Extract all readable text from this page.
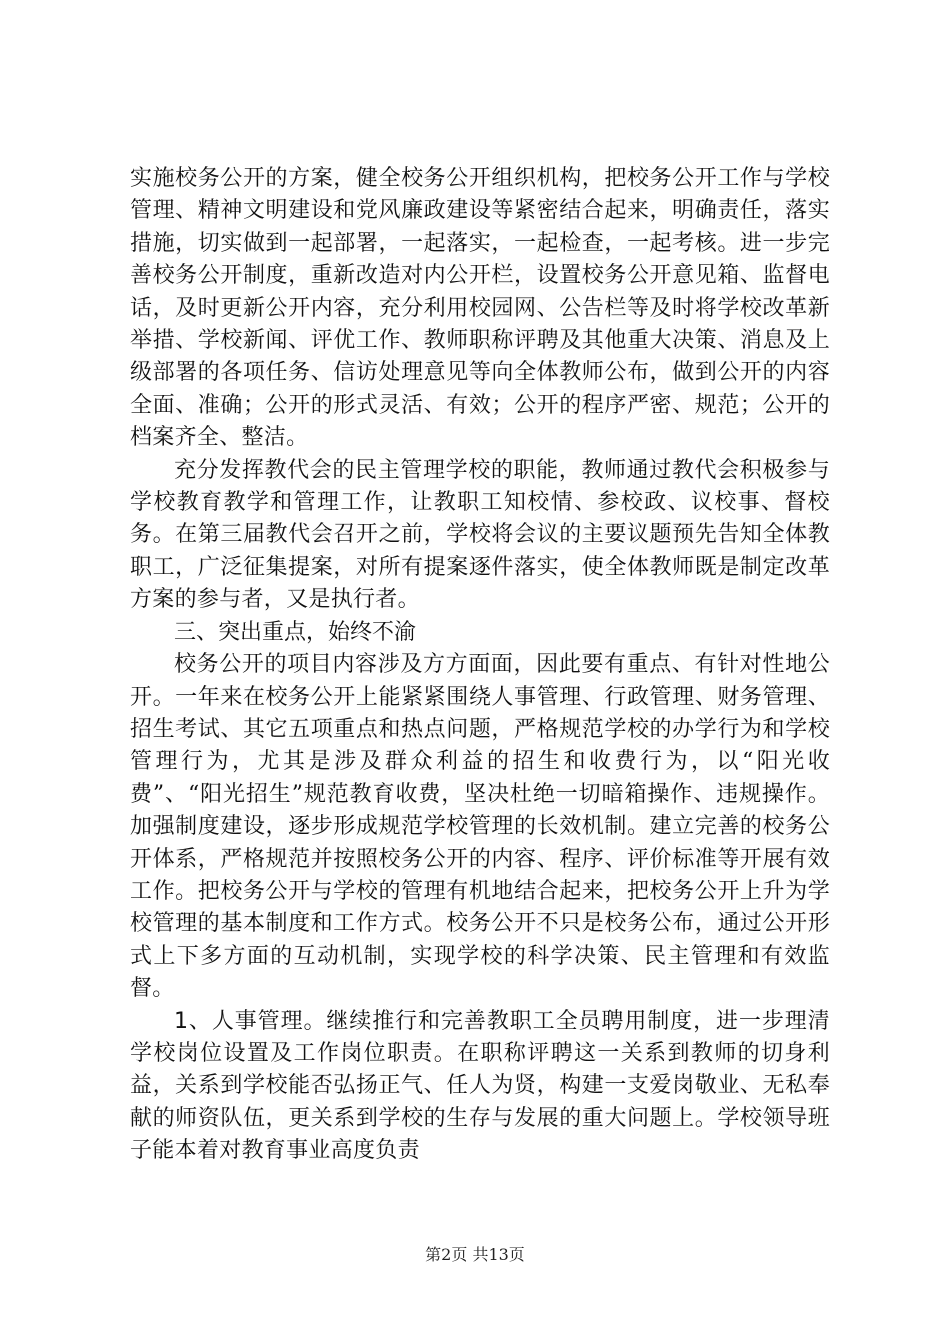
实施校务公开的方案，健全校务公开组织机构，把校务公开工作与学校管理、精神文明建设和党风廉政建设等紧密结合起来，明确责任，落实措施，切实做到一起部署，一起落实，一起检查，一起考核。进一步完善校务公开制度，重新改造对内公开栏，设置校务公开意见箱、监督电话，及时更新公开内容，充分利用校园网、公告栏等及时将学校改革新举措、学校新闻、评优工作、教师职称评聘及其他重大决策、消息及上级部署的各项任务、信访处理意见等向全体教师公布，做到公开的内容全面、准确；公开的形式灵活、有效；公开的程序严密、规范；公开的档案齐全、整洁。

充分发挥教代会的民主管理学校的职能，教师通过教代会积极参与学校教育教学和管理工作，让教职工知校情、参校政、议校事、督校务。在第三届教代会召开之前，学校将会议的主要议题预先告知全体教职工，广泛征集提案，对所有提案逐件落实，使全体教师既是制定改革方案的参与者，又是执行者。

三、突出重点，始终不渝

校务公开的项目内容涉及方方面面，因此要有重点、有针对性地公开。一年来在校务公开上能紧紧围绕人事管理、行政管理、财务管理、招生考试、其它五项重点和热点问题，严格规范学校的办学行为和学校管理行为，尤其是涉及群众利益的招生和收费行为，以“阳光收费”、“阳光招生”规范教育收费，坚决杜绝一切暗箱操作、违规操作。加强制度建设，逐步形成规范学校管理的长效机制。建立完善的校务公开体系，严格规范并按照校务公开的内容、程序、评价标准等开展有效工作。把校务公开与学校的管理有机地结合起来，把校务公开上升为学校管理的基本制度和工作方式。校务公开不只是校务公布，通过公开形式上下多方面的互动机制，实现学校的科学决策、民主管理和有效监督。

1、人事管理。继续推行和完善教职工全员聘用制度，进一步理清学校岗位设置及工作岗位职责。在职称评聘这一关系到教师的切身利益，关系到学校能否弘扬正气、任人为贤，构建一支爱岗敬业、无私奉献的师资队伍，更关系到学校的生存与发展的重大问题上。学校领导班子能本着对教育事业高度负责

第2页 共13页
